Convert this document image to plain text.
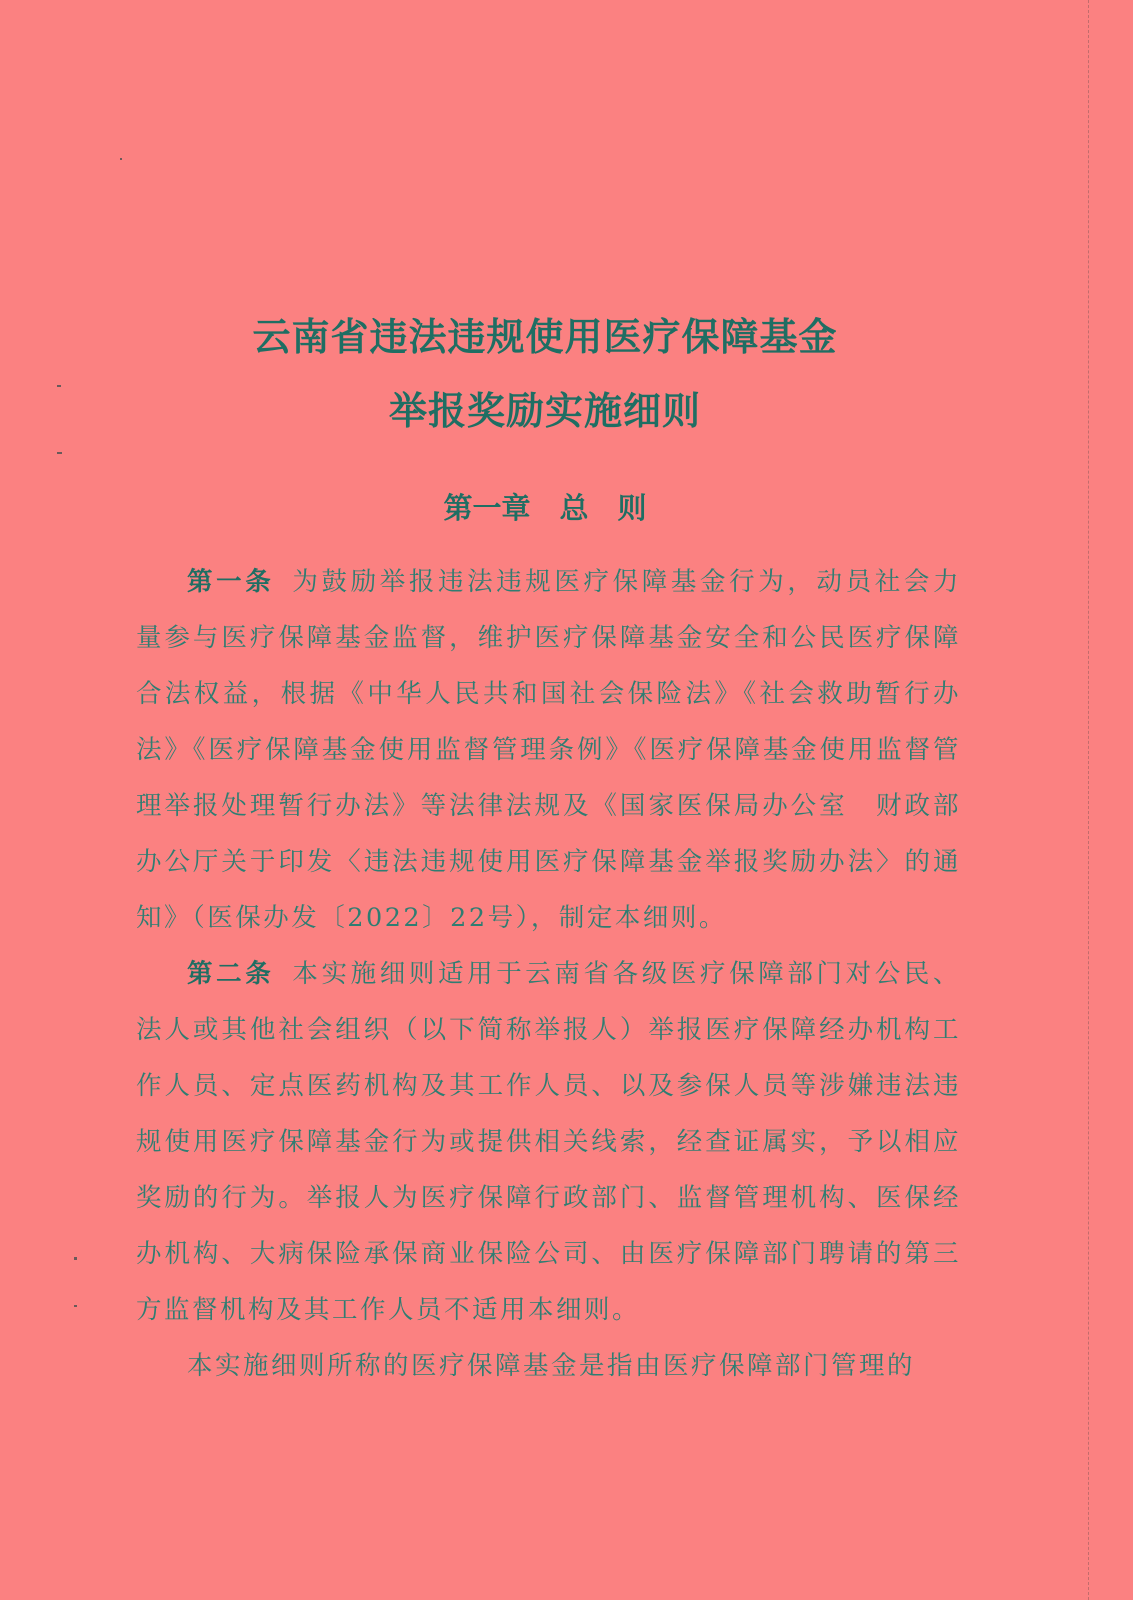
云南省违法违规使用医疗保障基金
举报奖励实施细则
第一章　总　则

第一条 为鼓励举报违法违规医疗保障基金行为，动员社会力量参与医疗保障基金监督，维护医疗保障基金安全和公民医疗保障合法权益，根据《中华人民共和国社会保险法》《社会救助暂行办法》《医疗保障基金使用监督管理条例》《医疗保障基金使用监督管理举报处理暂行办法》等法律法规及《国家医保局办公室　财政部办公厅关于印发〈违法违规使用医疗保障基金举报奖励办法〉的通知》（医保办发〔2022〕22号），制定本细则。

第二条 本实施细则适用于云南省各级医疗保障部门对公民、法人或其他社会组织（以下简称举报人）举报医疗保障经办机构工作人员、定点医药机构及其工作人员、以及参保人员等涉嫌违法违规使用医疗保障基金行为或提供相关线索，经查证属实，予以相应奖励的行为。举报人为医疗保障行政部门、监督管理机构、医保经办机构、大病保险承保商业保险公司、由医疗保障部门聘请的第三方监督机构及其工作人员不适用本细则。

本实施细则所称的医疗保障基金是指由医疗保障部门管理的
